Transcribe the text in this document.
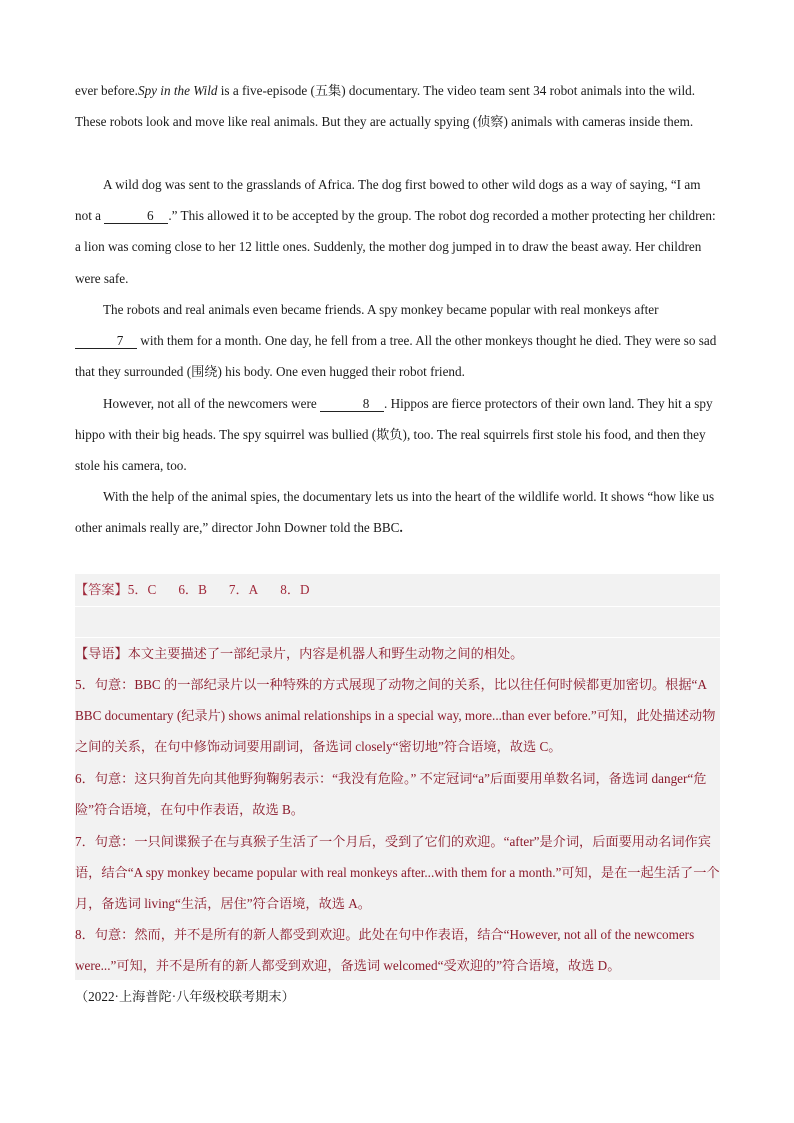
ever before.Spy in the Wild is a five-episode (五集) documentary. The video team sent 34 robot animals into the wild. These robots look and move like real animals. But they are actually spying (侦察) animals with cameras inside them.

A wild dog was sent to the grasslands of Africa. The dog first bowed to other wild dogs as a way of saying, “I am not a	6 .” This allowed it to be accepted by the group. The robot dog recorded a mother protecting her children: a lion was coming close to her 12 little ones. Suddenly, the mother dog jumped in to draw the beast away. Her children were safe.

The robots and real animals even became friends. A spy monkey became popular with real monkeys after 7 with them for a month. One day, he fell from a tree. All the other monkeys thought he died. They were so sad that they surrounded (围绕) his body. One even hugged their robot friend.

However, not all of the newcomers were	8 . Hippos are fierce protectors of their own land. They hit a spy hippo with their big heads. The spy squirrel was bullied (欺负), too. The real squirrels first stole his food, and then they stole his camera, too.

With the help of the animal spies, the documentary lets us into the heart of the wildlife world. It shows “how like us other animals really are,” director John Downer told the BBC.

【答案】5．C 6．B 7．A 8．D

【导语】本文主要描述了一部纪录片，内容是机器人和野生动物之间的相处。

5．句意：BBC 的一部纪录片以一种特殊的方式展现了动物之间的关系，比以往任何时候都更加密切。根据“A BBC documentary (纪录片) shows animal relationships in a special way, more...than ever before.”可知，此处描述动物之间的关系，在句中修饰动词要用副词，备选词 closely“密切地”符合语境，故选 C。

6．句意：这只狗首先向其他野狗鞠躬表示：“我没有危险。” 不定冠词“a”后面要用单数名词，备选词 danger“危险”符合语境，在句中作表语，故选 B。

7．句意：一只间谍猴子在与真猴子生活了一个月后，受到了它们的欢迎。“after”是介词，后面要用动名词作宾语，结合“A spy monkey became popular with real monkeys after...with them for a month.”可知，是在一起生活了一个月，备选词 living“生活，居住”符合语境，故选 A。

8．句意：然而，并不是所有的新人都受到欢迎。此处在句中作表语，结合“However, not all of the newcomers were...”可知，并不是所有的新人都受到欢迎，备选词 welcomed“受欢迎的”符合语境，故选 D。

（2022·上海普陀·八年级校联考期末）
